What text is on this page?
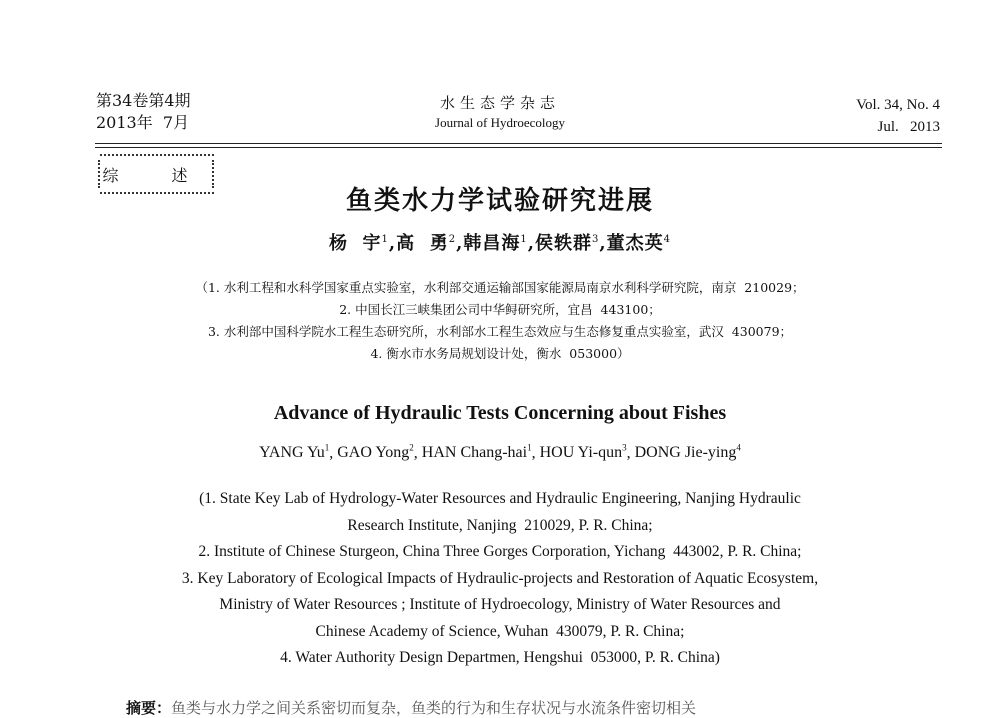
第34卷第4期
2013年  7月
水生态学杂志
Journal of Hydroecology
Vol. 34, No. 4
Jul.   2013
综 述
鱼类水力学试验研究进展
杨  宇$^1$,高  勇$^2$,韩昌海$^1$,侯轶群$^3$,董杰英$^4$
（1. 水利工程和水科学国家重点实验室，水利部交通运输部国家能源局南京水利科学研究院，南京  210029；
2. 中国长江三峡集团公司中华鲟研究所，宜昌  443100；
3. 水利部中国科学院水工程生态研究所，水利部水工程生态效应与生态修复重点实验室，武汉  430079；
4. 衡水市水务局规划设计处，衡水  053000）
Advance of Hydraulic Tests Concerning about Fishes
YANG Yu$^1$, GAO Yong$^2$, HAN Chang-hai$^1$, HOU Yi-qun$^3$, DONG Jie-ying$^4$
(1. State Key Lab of Hydrology-Water Resources and Hydraulic Engineering, Nanjing Hydraulic
Research Institute, Nanjing  210029, P. R. China;
2. Institute of Chinese Sturgeon, China Three Gorges Corporation, Yichang  443002, P. R. China;
3. Key Laboratory of Ecological Impacts of Hydraulic-projects and Restoration of Aquatic Ecosystem,
Ministry of Water Resources ; Institute of Hydroecology, Ministry of Water Resources and
Chinese Academy of Science, Wuhan  430079, P. R. China;
4. Water Authority Design Departmen, Hengshui  053000, P. R. China)
摘要：鱼类与水力学之间关系密切而复杂，鱼类的行为和生存状况与水流条件密切相关
